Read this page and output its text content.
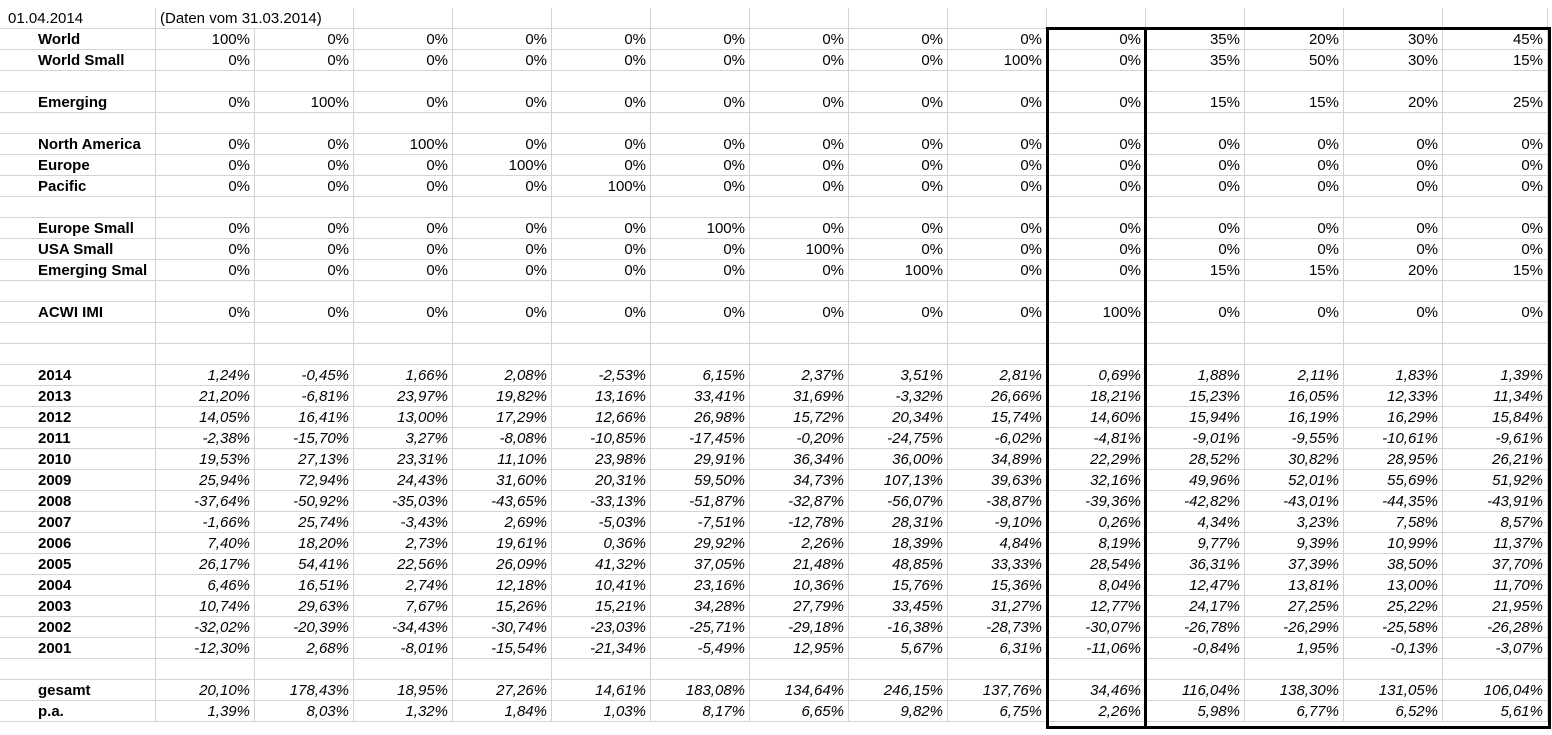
01.04.2014	(Daten vom 31.03.2014)
World	100%	0%	0%	0%	0%	0%	0%	0%	0%	0%	35%	20%	30%	45%
World Small	0%	0%	0%	0%	0%	0%	0%	0%	100%	0%	35%	50%	30%	15%
Emerging	0%	100%	0%	0%	0%	0%	0%	0%	0%	0%	15%	15%	20%	25%
North America	0%	0%	100%	0%	0%	0%	0%	0%	0%	0%	0%	0%	0%	0%
Europe	0%	0%	0%	100%	0%	0%	0%	0%	0%	0%	0%	0%	0%	0%
Pacific	0%	0%	0%	0%	100%	0%	0%	0%	0%	0%	0%	0%	0%	0%
Europe Small	0%	0%	0%	0%	0%	100%	0%	0%	0%	0%	0%	0%	0%	0%
USA Small	0%	0%	0%	0%	0%	0%	100%	0%	0%	0%	0%	0%	0%	0%
Emerging Smal	0%	0%	0%	0%	0%	0%	0%	100%	0%	0%	15%	15%	20%	15%
ACWI IMI	0%	0%	0%	0%	0%	0%	0%	0%	0%	100%	0%	0%	0%	0%
2014	1,24%	-0,45%	1,66%	2,08%	-2,53%	6,15%	2,37%	3,51%	2,81%	0,69%	1,88%	2,11%	1,83%	1,39%
2013	21,20%	-6,81%	23,97%	19,82%	13,16%	33,41%	31,69%	-3,32%	26,66%	18,21%	15,23%	16,05%	12,33%	11,34%
2012	14,05%	16,41%	13,00%	17,29%	12,66%	26,98%	15,72%	20,34%	15,74%	14,60%	15,94%	16,19%	16,29%	15,84%
2011	-2,38%	-15,70%	3,27%	-8,08%	-10,85%	-17,45%	-0,20%	-24,75%	-6,02%	-4,81%	-9,01%	-9,55%	-10,61%	-9,61%
2010	19,53%	27,13%	23,31%	11,10%	23,98%	29,91%	36,34%	36,00%	34,89%	22,29%	28,52%	30,82%	28,95%	26,21%
2009	25,94%	72,94%	24,43%	31,60%	20,31%	59,50%	34,73%	107,13%	39,63%	32,16%	49,96%	52,01%	55,69%	51,92%
2008	-37,64%	-50,92%	-35,03%	-43,65%	-33,13%	-51,87%	-32,87%	-56,07%	-38,87%	-39,36%	-42,82%	-43,01%	-44,35%	-43,91%
2007	-1,66%	25,74%	-3,43%	2,69%	-5,03%	-7,51%	-12,78%	28,31%	-9,10%	0,26%	4,34%	3,23%	7,58%	8,57%
2006	7,40%	18,20%	2,73%	19,61%	0,36%	29,92%	2,26%	18,39%	4,84%	8,19%	9,77%	9,39%	10,99%	11,37%
2005	26,17%	54,41%	22,56%	26,09%	41,32%	37,05%	21,48%	48,85%	33,33%	28,54%	36,31%	37,39%	38,50%	37,70%
2004	6,46%	16,51%	2,74%	12,18%	10,41%	23,16%	10,36%	15,76%	15,36%	8,04%	12,47%	13,81%	13,00%	11,70%
2003	10,74%	29,63%	7,67%	15,26%	15,21%	34,28%	27,79%	33,45%	31,27%	12,77%	24,17%	27,25%	25,22%	21,95%
2002	-32,02%	-20,39%	-34,43%	-30,74%	-23,03%	-25,71%	-29,18%	-16,38%	-28,73%	-30,07%	-26,78%	-26,29%	-25,58%	-26,28%
2001	-12,30%	2,68%	-8,01%	-15,54%	-21,34%	-5,49%	12,95%	5,67%	6,31%	-11,06%	-0,84%	1,95%	-0,13%	-3,07%
gesamt	20,10%	178,43%	18,95%	27,26%	14,61%	183,08%	134,64%	246,15%	137,76%	34,46%	116,04%	138,30%	131,05%	106,04%
p.a.	1,39%	8,03%	1,32%	1,84%	1,03%	8,17%	6,65%	9,82%	6,75%	2,26%	5,98%	6,77%	6,52%	5,61%
